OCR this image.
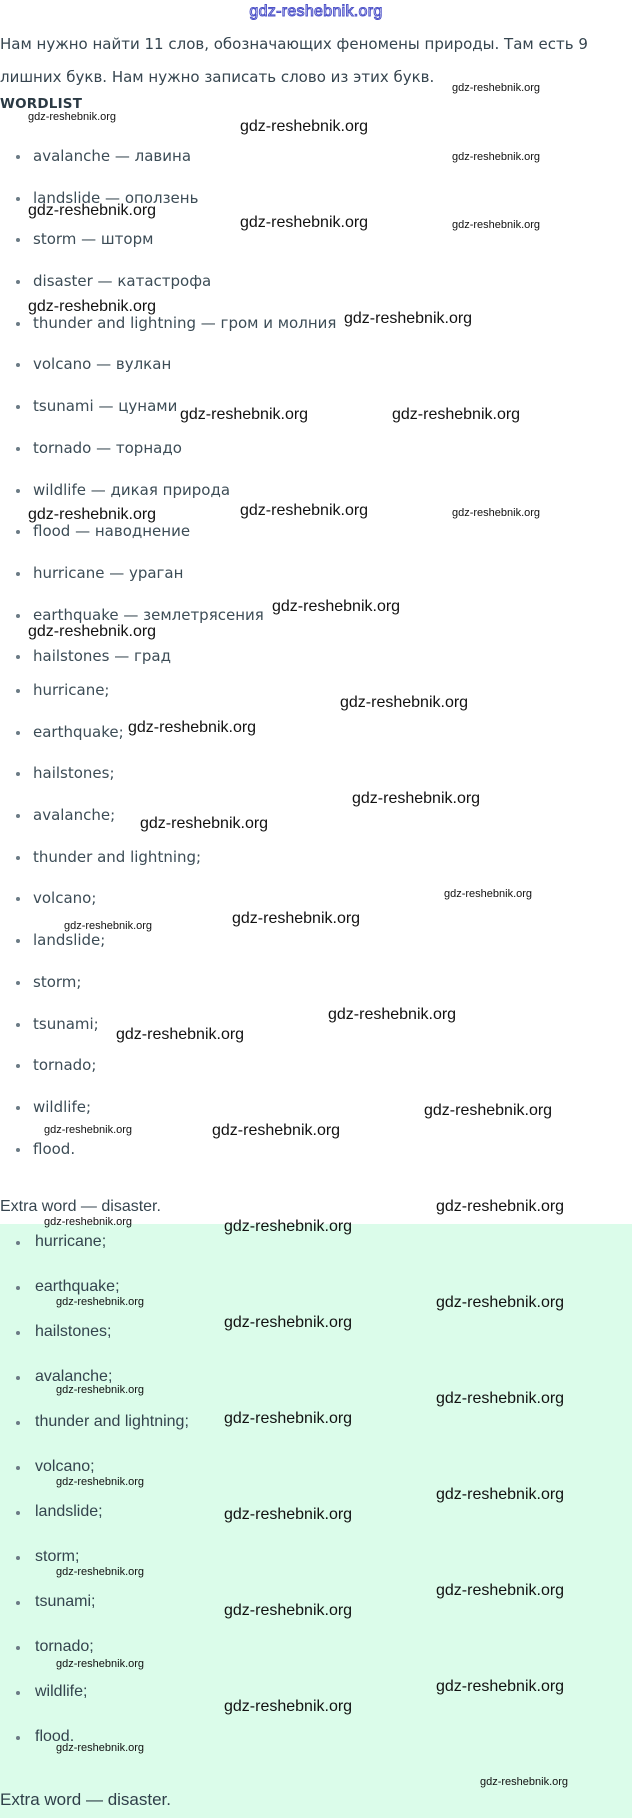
gdz-reshebnik.org

Нам нужно найти 11 слов, обозначающих феномены природы. Там есть 9

лишних букв. Нам нужно записать слово из этих букв.

WORDLIST
avalanche — лавина
landslide — оползень
storm — шторм
disaster — катастрофа
thunder and lightning — гром и молния
volcano — вулкан
tsunami — цунами
tornado — торнадо
wildlife — дикая природа
flood — наводнение
hurricane — ураган
earthquake — землетрясения
hailstones — град
hurricane;
earthquake;
hailstones;
avalanche;
thunder and lightning;
volcano;
landslide;
storm;
tsunami;
tornado;
wildlife;
flood.
Extra word — disaster.
hurricane;
earthquake;
hailstones;
avalanche;
thunder and lightning;
volcano;
landslide;
storm;
tsunami;
tornado;
wildlife;
flood.
Extra word — disaster.
gdz-reshebnik.org
gdz-reshebnik.org
gdz-reshebnik.org
gdz-reshebnik.org
gdz-reshebnik.org
gdz-reshebnik.org	gdz-reshebnik.org
gdz-reshebnik.org
gdz-reshebnik.org
gdz-reshebnik.org	gdz-reshebnik.org
gdz-reshebnik.org	gdz-reshebnik.org	gdz-reshebnik.org
gdz-reshebnik.org
gdz-reshebnik.org
gdz-reshebnik.org
gdz-reshebnik.org
gdz-reshebnik.org
gdz-reshebnik.org
gdz-reshebnik.org
gdz-reshebnik.org
gdz-reshebnik.org
gdz-reshebnik.org
gdz-reshebnik.org
gdz-reshebnik.org
gdz-reshebnik.org
gdz-reshebnik.org
gdz-reshebnik.org
gdz-reshebnik.org	gdz-reshebnik.org
gdz-reshebnik.org	gdz-reshebnik.org
gdz-reshebnik.org
gdz-reshebnik.org	gdz-reshebnik.org
gdz-reshebnik.org
gdz-reshebnik.org
gdz-reshebnik.org
gdz-reshebnik.org
gdz-reshebnik.org
gdz-reshebnik.org
gdz-reshebnik.org
gdz-reshebnik.org
gdz-reshebnik.org
gdz-reshebnik.org
gdz-reshebnik.org
gdz-reshebnik.org
